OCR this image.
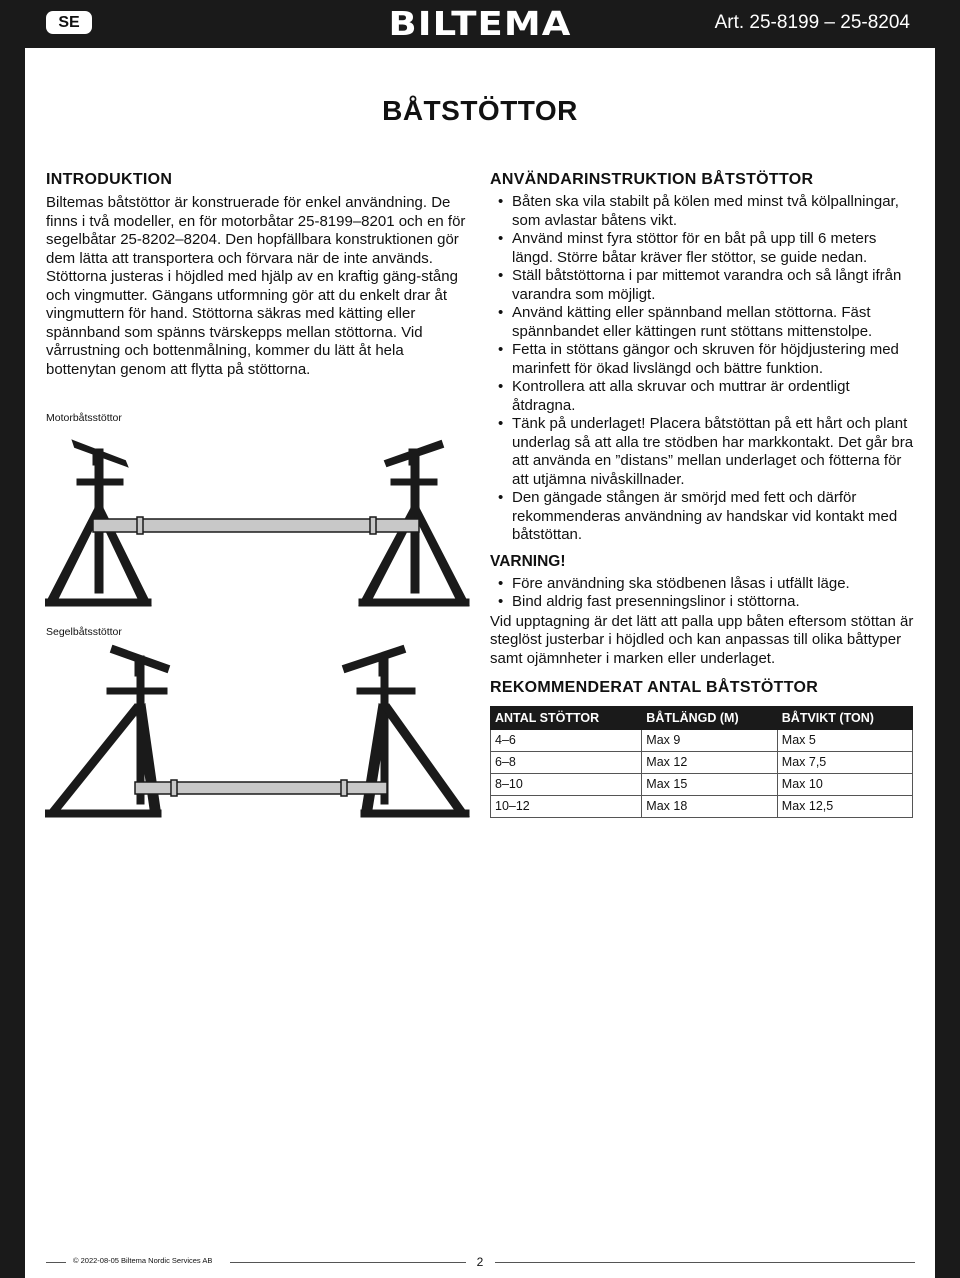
SE	BILTEMA	Art. 25-8199 – 25-8204
BÅTSTÖTTOR
INTRODUKTION

Biltemas båtstöttor är konstruerade för enkel användning. De finns i två modeller, en för motorbåtar 25-8199–8201 och en för segelbåtar 25-8202–8204. Den hopfällbara konstruktionen gör dem lätta att transportera och förvara när de inte används. Stöttorna justeras i höjdled med hjälp av en kraftig gäng-stång och vingmutter. Gängans utformning gör att du enkelt drar åt vingmuttern för hand. Stöttorna säkras med kätting eller spännband som spänns tvärskepps mellan stöttorna. Vid vårrustning och bottenmålning, kommer du lätt åt hela bottenytan genom att flytta på stöttorna.

Motorbåtsstöttor
Segelbåtsstöttor
ANVÄNDARINSTRUKTION BÅTSTÖTTOR
• Båten ska vila stabilt på kölen med minst två kölpallningar, som avlastar båtens vikt.
• Använd minst fyra stöttor för en båt på upp till 6 meters längd. Större båtar kräver fler stöttor, se guide nedan.
• Ställ båtstöttorna i par mittemot varandra och så långt ifrån varandra som möjligt.
• Använd kätting eller spännband mellan stöttorna. Fäst spännbandet eller kättingen runt stöttans mittenstolpe.
• Fetta in stöttans gängor och skruven för höjdjustering med marinfett för ökad livslängd och bättre funktion.
• Kontrollera att alla skruvar och muttrar är ordentligt åtdragna.
• Tänk på underlaget! Placera båtstöttan på ett hårt och plant underlag så att alla tre stödben har markkontakt. Det går bra att använda en ”distans” mellan underlaget och fötterna för att utjämna nivåskillnader.
• Den gängade stången är smörjd med fett och därför rekommenderas användning av handskar vid kontakt med båtstöttan.
VARNING!
• Före användning ska stödbenen låsas i utfällt läge.
• Bind aldrig fast presenningslinor i stöttorna.

Vid upptagning är det lätt att palla upp båten eftersom stöttan är steglöst justerbar i höjdled och kan anpassas till olika båttyper samt ojämnheter i marken eller underlaget.

REKOMMENDERAT ANTAL BÅTSTÖTTOR
ANTAL STÖTTOR	BÅTLÄNGD (M)	BÅTVIKT (TON)
4–6	Max 9	Max 5
6–8	Max 12	Max 7,5
8–10	Max 15	Max 10
10–12	Max 18	Max 12,5
© 2022-08-05 Biltema Nordic Services AB	2
